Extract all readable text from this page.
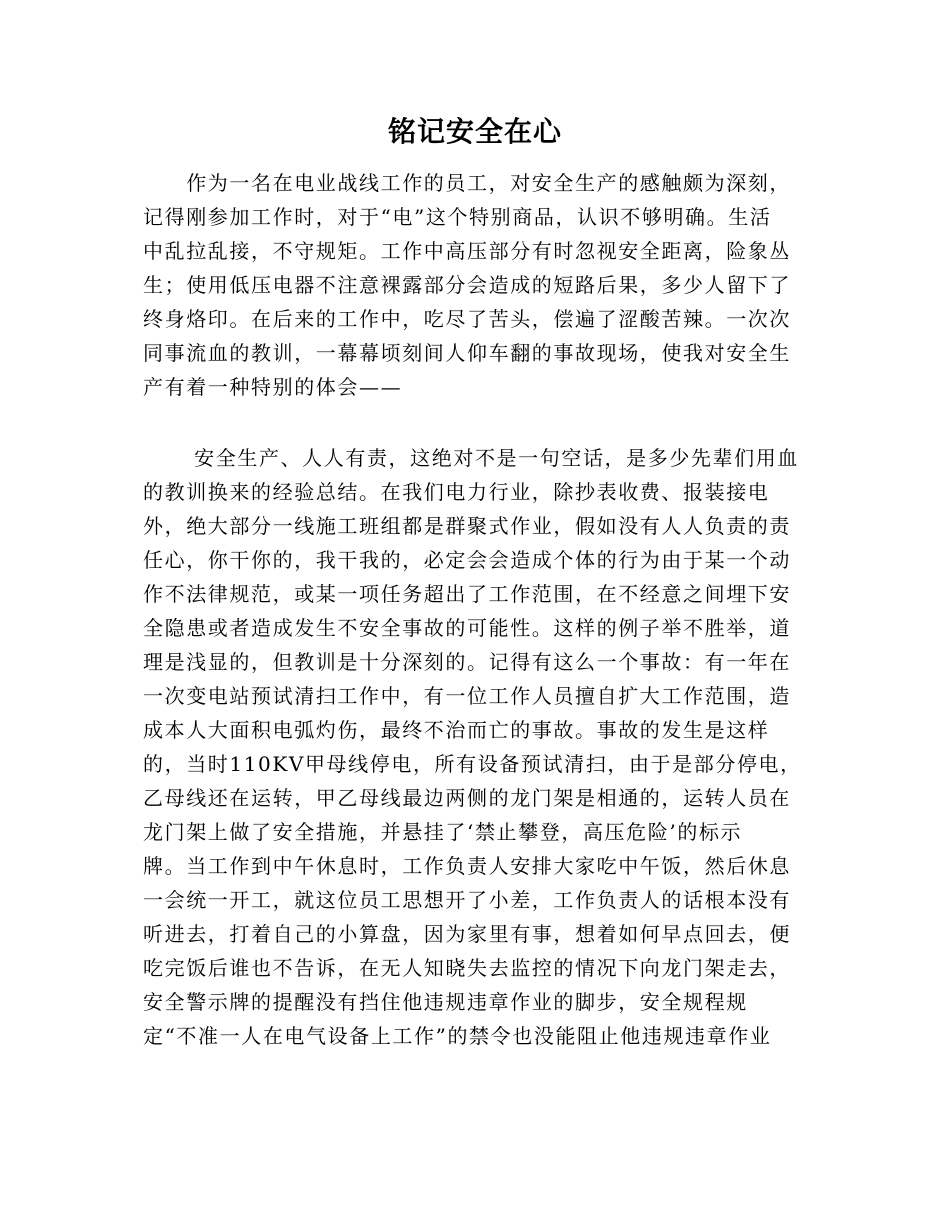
铭记安全在心
　　作为一名在电业战线工作的员工，对安全生产的感触颇为深刻，
记得刚参加工作时，对于“电”这个特别商品，认识不够明确。生活
中乱拉乱接，不守规矩。工作中高压部分有时忽视安全距离，险象丛
生；使用低压电器不注意裸露部分会造成的短路后果，多少人留下了
终身烙印。在后来的工作中，吃尽了苦头，偿遍了涩酸苦辣。一次次
同事流血的教训，一幕幕顷刻间人仰车翻的事故现场，使我对安全生
产有着一种特别的体会——
　　 安全生产、人人有责，这绝对不是一句空话，是多少先辈们用血
的教训换来的经验总结。在我们电力行业，除抄表收费、报装接电
外，绝大部分一线施工班组都是群聚式作业，假如没有人人负责的责
任心，你干你的，我干我的，必定会会造成个体的行为由于某一个动
作不法律规范，或某一项任务超出了工作范围，在不经意之间埋下安
全隐患或者造成发生不安全事故的可能性。这样的例子举不胜举，道
理是浅显的，但教训是十分深刻的。记得有这么一个事故：有一年在
一次变电站预试清扫工作中，有一位工作人员擅自扩大工作范围，造
成本人大面积电弧灼伤，最终不治而亡的事故。事故的发生是这样
的，当时110KV甲母线停电，所有设备预试清扫，由于是部分停电，
乙母线还在运转，甲乙母线最边两侧的龙门架是相通的，运转人员在
龙门架上做了安全措施，并悬挂了‘禁止攀登，高压危险’的标示
牌。当工作到中午休息时，工作负责人安排大家吃中午饭，然后休息
一会统一开工，就这位员工思想开了小差，工作负责人的话根本没有
听进去，打着自己的小算盘，因为家里有事，想着如何早点回去，便
吃完饭后谁也不告诉，在无人知晓失去监控的情况下向龙门架走去，
安全警示牌的提醒没有挡住他违规违章作业的脚步，安全规程规
定“不准一人在电气设备上工作”的禁令也没能阻止他违规违章作业
